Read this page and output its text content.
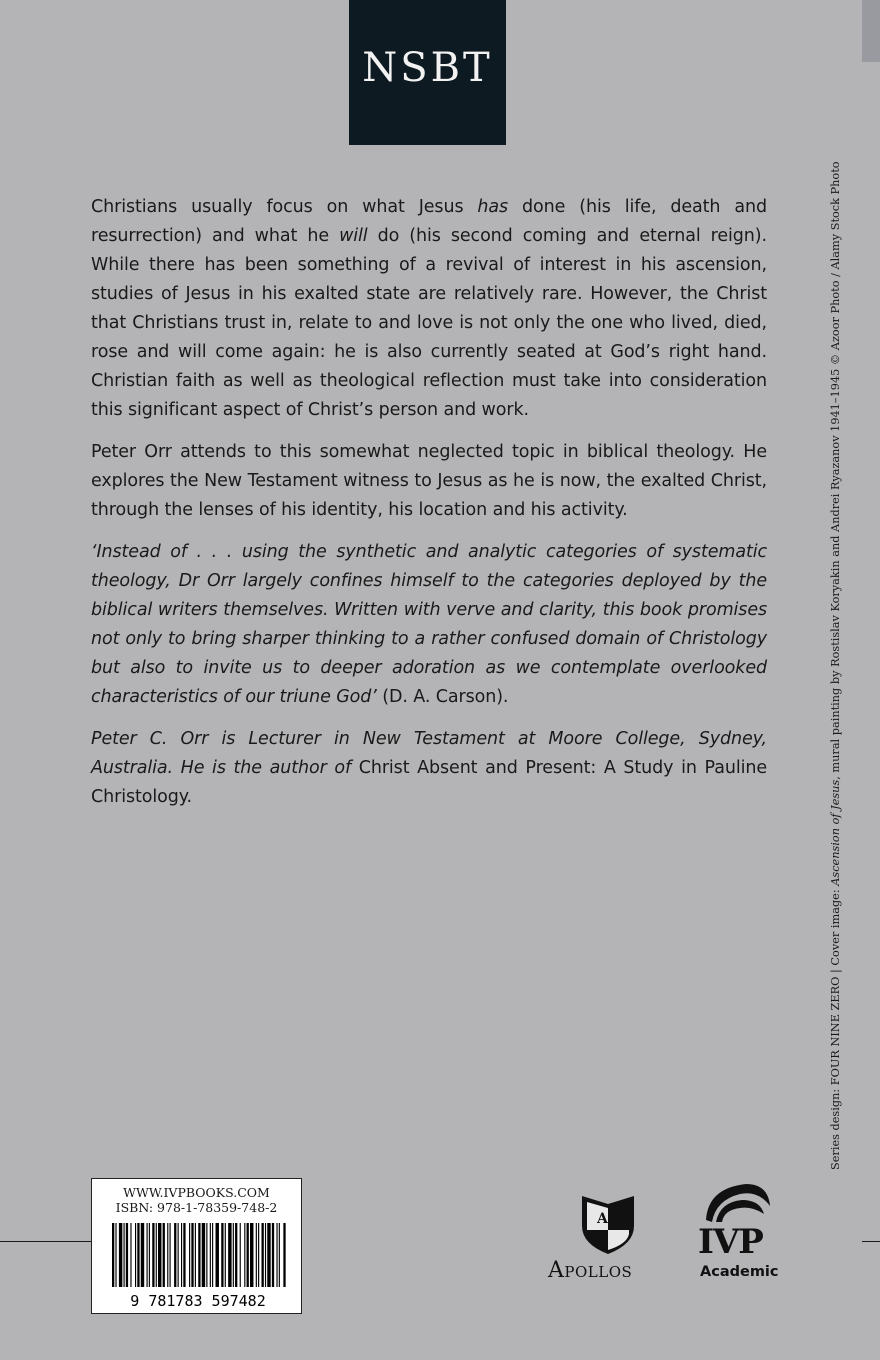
NSBT

Christians usually focus on what Jesus has done (his life, death and resurrection) and what he will do (his second coming and eternal reign). While there has been something of a revival of interest in his ascension, studies of Jesus in his exalted state are relatively rare. However, the Christ that Christians trust in, relate to and love is not only the one who lived, died, rose and will come again: he is also currently seated at God’s right hand. Christian faith as well as theological reflection must take into consideration this significant aspect of Christ’s person and work.

Peter Orr attends to this somewhat neglected topic in biblical theology. He explores the New Testament witness to Jesus as he is now, the exalted Christ, through the lenses of his identity, his location and his activity.

‘Instead of . . . using the synthetic and analytic categories of systematic theology, Dr Orr largely confines himself to the categories deployed by the biblical writers themselves. Written with verve and clarity, this book promises not only to bring sharper thinking to a rather confused domain of Christology but also to invite us to deeper adoration as we contemplate overlooked characteristics of our triune God’ (D. A. Carson).

Peter C. Orr is Lecturer in New Testament at Moore College, Sydney, Australia. He is the author of Christ Absent and Present: A Study in Pauline Christology.

Series design: FOUR NINE ZERO | Cover image: Ascension of Jesus, mural painting by Rostislav Koryakin and Andrei Ryazanov 1941–1945 © Azoor Photo / Alamy Stock Photo
WWW.IVPBOOKS.COM
ISBN: 978-1-78359-748-2
9 781783 597482
A
Apollos
IVP
Academic
